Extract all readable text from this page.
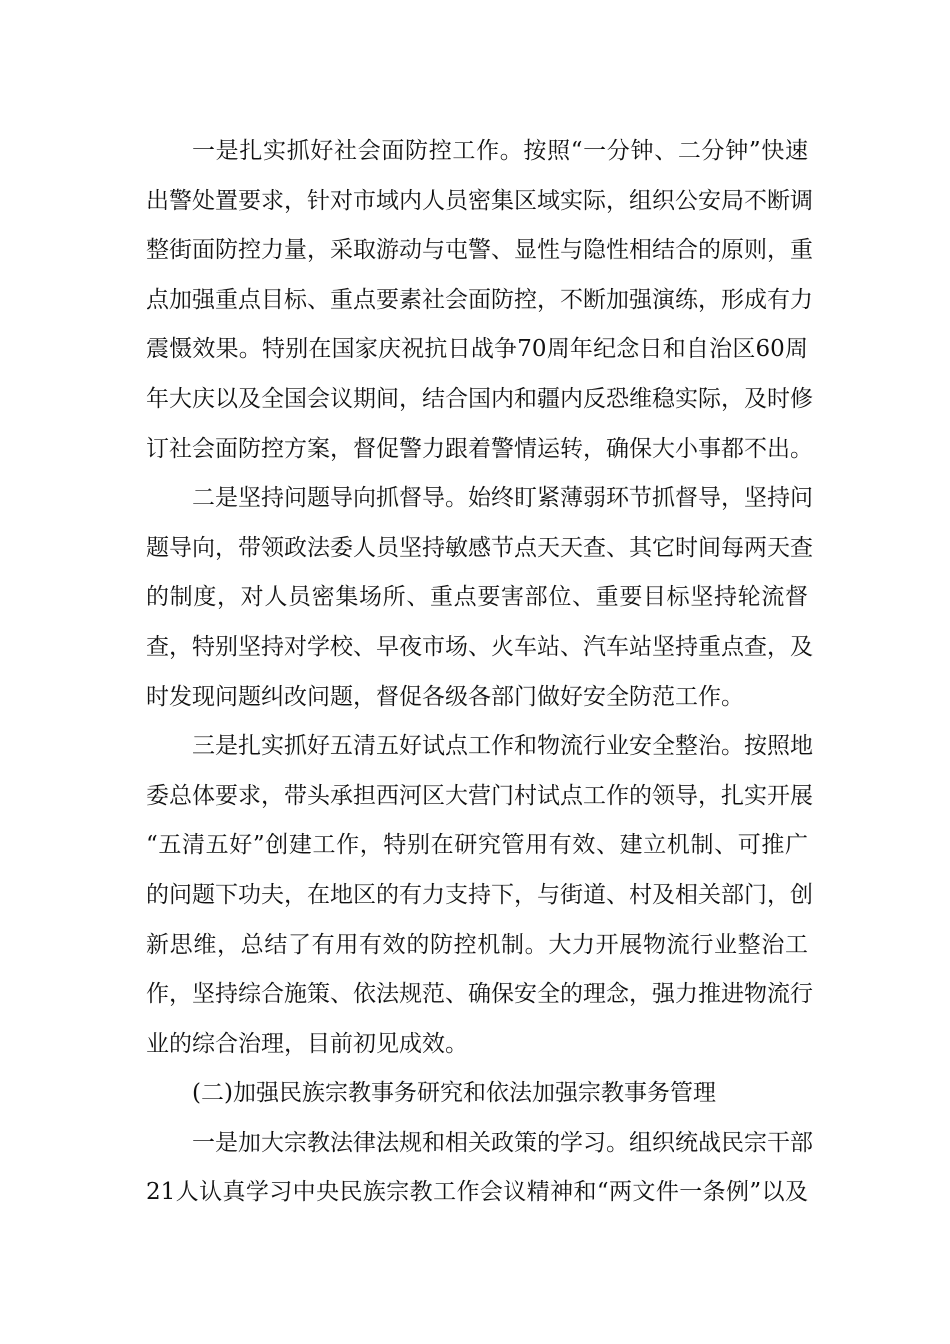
一是扎实抓好社会面防控工作。按照“一分钟、二分钟”快速
出警处置要求，针对市域内人员密集区域实际，组织公安局不断调
整街面防控力量，采取游动与屯警、显性与隐性相结合的原则，重
点加强重点目标、重点要素社会面防控，不断加强演练，形成有力
震慑效果。特别在国家庆祝抗日战争70周年纪念日和自治区60周
年大庆以及全国会议期间，结合国内和疆内反恐维稳实际，及时修
订社会面防控方案，督促警力跟着警情运转，确保大小事都不出。
二是坚持问题导向抓督导。始终盯紧薄弱环节抓督导，坚持问
题导向，带领政法委人员坚持敏感节点天天查、其它时间每两天查
的制度，对人员密集场所、重点要害部位、重要目标坚持轮流督
查，特别坚持对学校、早夜市场、火车站、汽车站坚持重点查，及
时发现问题纠改问题，督促各级各部门做好安全防范工作。
三是扎实抓好五清五好试点工作和物流行业安全整治。按照地
委总体要求，带头承担西河区大营门村试点工作的领导，扎实开展
“五清五好”创建工作，特别在研究管用有效、建立机制、可推广
的问题下功夫，在地区的有力支持下，与街道、村及相关部门，创
新思维，总结了有用有效的防控机制。大力开展物流行业整治工
作，坚持综合施策、依法规范、确保安全的理念，强力推进物流行
业的综合治理，目前初见成效。
(二)加强民族宗教事务研究和依法加强宗教事务管理
一是加大宗教法律法规和相关政策的学习。组织统战民宗干部
21人认真学习中央民族宗教工作会议精神和“两文件一条例”以及
